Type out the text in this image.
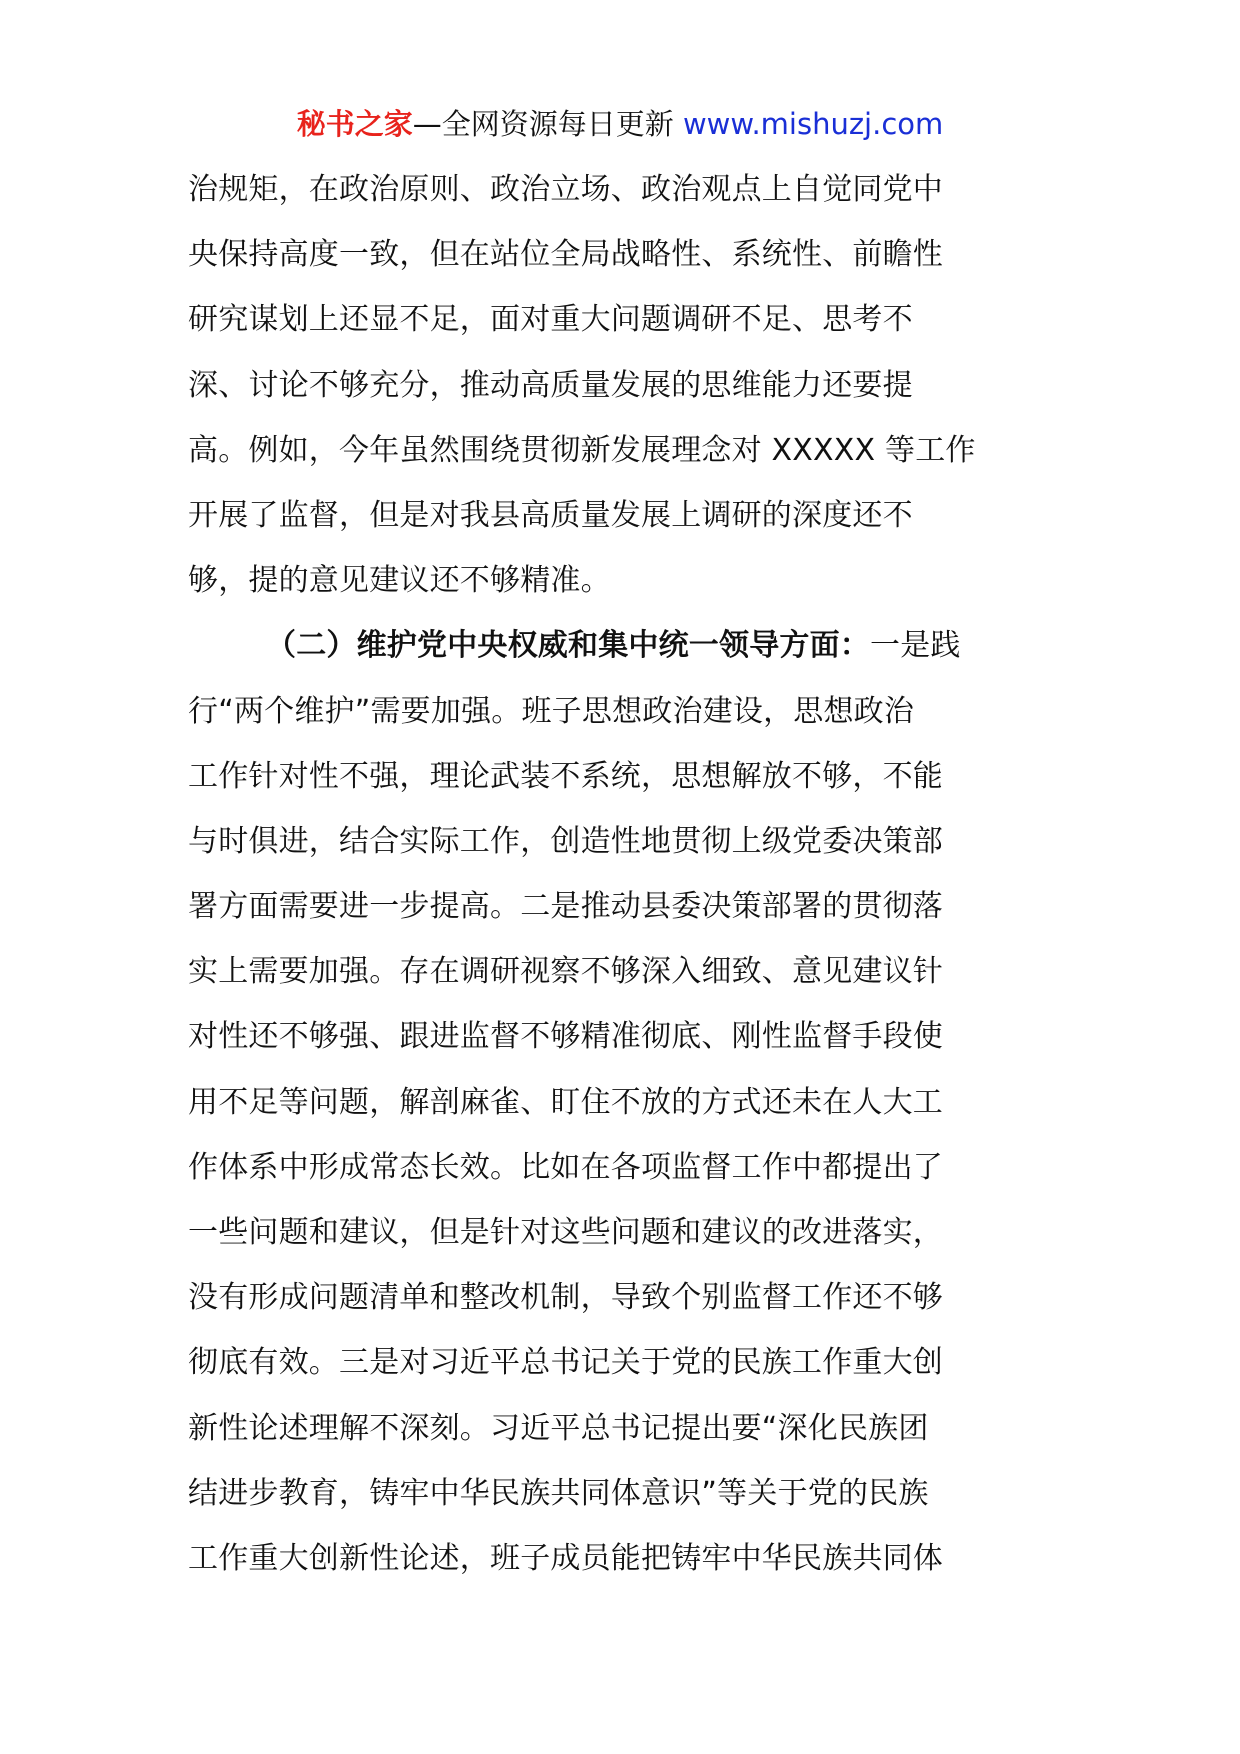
秘书之家—全网资源每日更新 www.mishuzj.com
治规矩，在政治原则、政治立场、政治观点上自觉同党中
央保持高度一致，但在站位全局战略性、系统性、前瞻性
研究谋划上还显不足，面对重大问题调研不足、思考不
深、讨论不够充分，推动高质量发展的思维能力还要提
高。例如，今年虽然围绕贯彻新发展理念对 XXXXX 等工作
开展了监督，但是对我县高质量发展上调研的深度还不
够，提的意见建议还不够精准。
（二）维护党中央权威和集中统一领导方面：一是践
行“两个维护”需要加强。班子思想政治建设，思想政治
工作针对性不强，理论武装不系统，思想解放不够，不能
与时俱进，结合实际工作，创造性地贯彻上级党委决策部
署方面需要进一步提高。二是推动县委决策部署的贯彻落
实上需要加强。存在调研视察不够深入细致、意见建议针
对性还不够强、跟进监督不够精准彻底、刚性监督手段使
用不足等问题，解剖麻雀、盯住不放的方式还未在人大工
作体系中形成常态长效。比如在各项监督工作中都提出了
一些问题和建议，但是针对这些问题和建议的改进落实，
没有形成问题清单和整改机制，导致个别监督工作还不够
彻底有效。三是对习近平总书记关于党的民族工作重大创
新性论述理解不深刻。习近平总书记提出要“深化民族团
结进步教育，铸牢中华民族共同体意识”等关于党的民族
工作重大创新性论述，班子成员能把铸牢中华民族共同体
